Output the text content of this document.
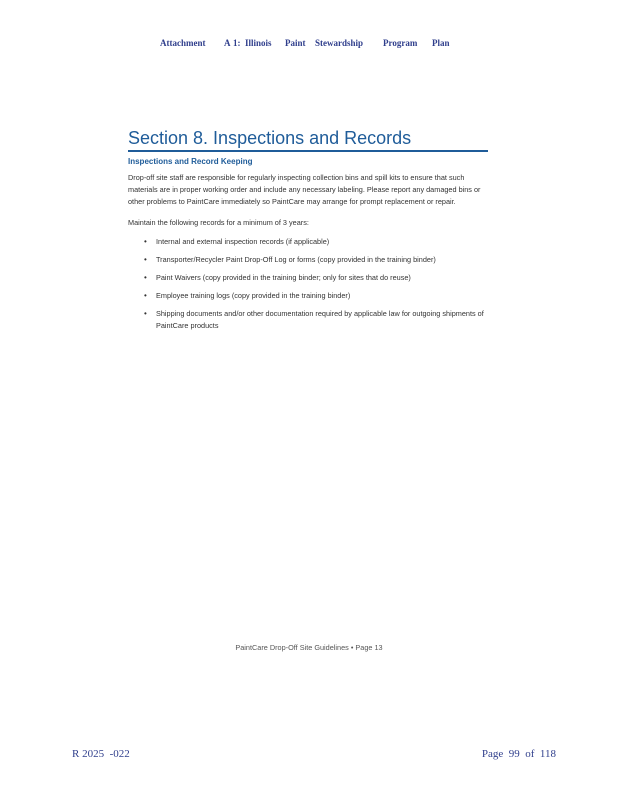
Attachment A 1: Illinois Paint Stewardship Program Plan
Section 8. Inspections and Records
Inspections and Record Keeping
Drop-off site staff are responsible for regularly inspecting collection bins and spill kits to ensure that such materials are in proper working order and include any necessary labeling. Please report any damaged bins or other problems to PaintCare immediately so PaintCare may arrange for prompt replacement or repair.
Maintain the following records for a minimum of 3 years:
• Internal and external inspection records (if applicable)
• Transporter/Recycler Paint Drop-Off Log or forms (copy provided in the training binder)
• Paint Waivers (copy provided in the training binder; only for sites that do reuse)
• Employee training logs (copy provided in the training binder)
• Shipping documents and/or other documentation required by applicable law for outgoing shipments of PaintCare products
PaintCare Drop-Off Site Guidelines • Page 13
R 2025  -022	Page  99  of  118
